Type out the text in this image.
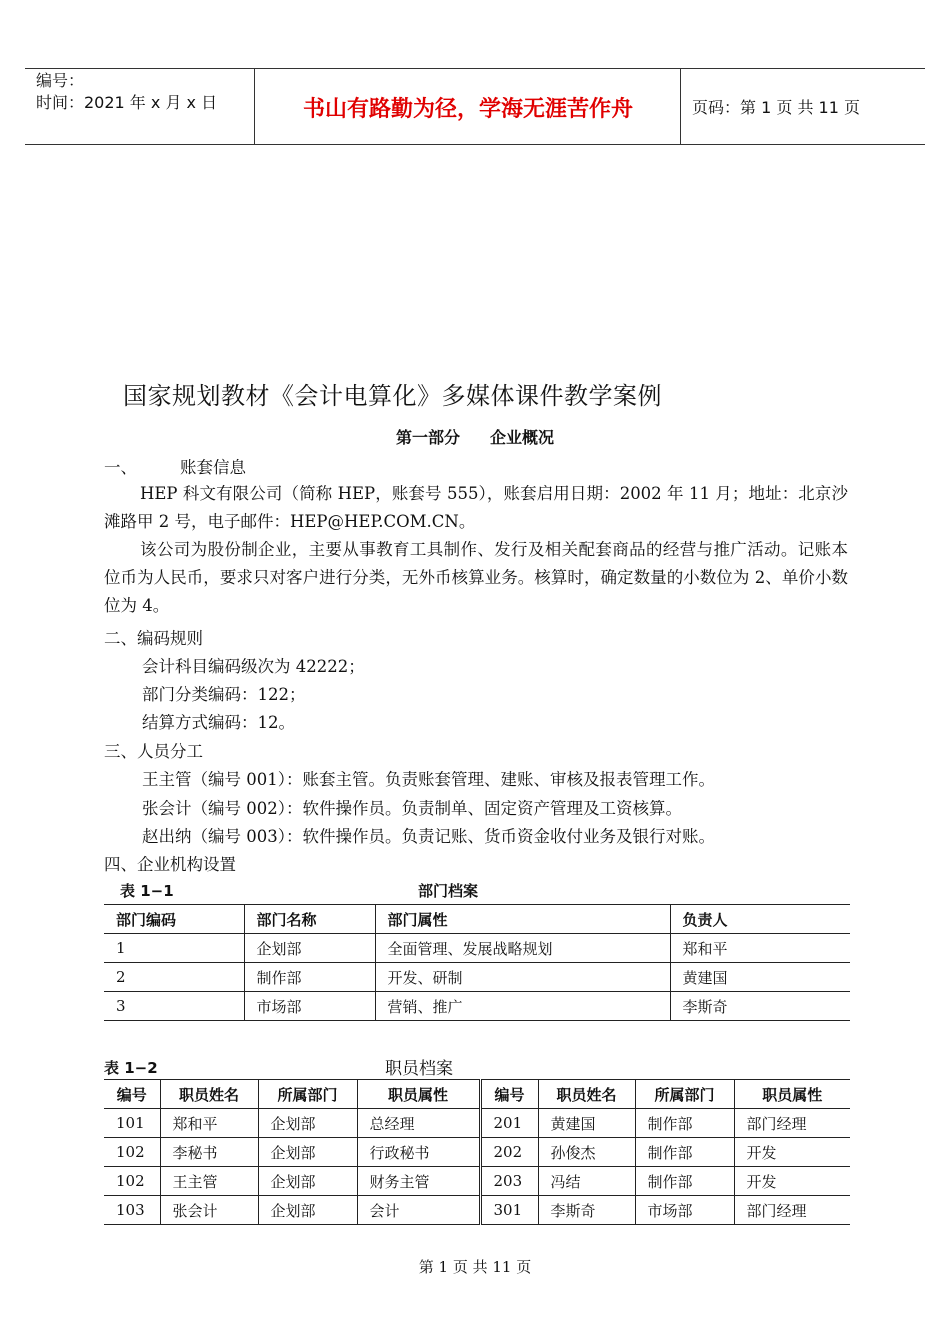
编号：
时间：2021 年 x 月 x 日	书山有路勤为径，学海无涯苦作舟	页码：第 1 页 共 11 页
国家规划教材《会计电算化》多媒体课件教学案例
第一部分 企业概况
一、	账套信息
HEP 科文有限公司（简称 HEP，账套号 555），账套启用日期：2002 年 11 月；地址：北京沙滩路甲 2 号，电子邮件：HEP@HEP.COM.CN。
该公司为股份制企业，主要从事教育工具制作、发行及相关配套商品的经营与推广活动。记账本位币为人民币，要求只对客户进行分类，无外币核算业务。核算时，确定数量的小数位为 2、单价小数位为 4。
二、编码规则
会计科目编码级次为 42222；
部门分类编码：122；
结算方式编码：12。
三、人员分工
王主管（编号 001）：账套主管。负责账套管理、建账、审核及报表管理工作。
张会计（编号 002）：软件操作员。负责制单、固定资产管理及工资核算。
赵出纳（编号 003）：软件操作员。负责记账、货币资金收付业务及银行对账。
四、企业机构设置
表 1−1	部门档案
部门编码	部门名称	部门属性	负责人
1	企划部	全面管理、发展战略规划	郑和平
2	制作部	开发、研制	黄建国
3	市场部	营销、推广	李斯奇
表 1−2	职员档案
编号	职员姓名	所属部门	职员属性	编号	职员姓名	所属部门	职员属性
101	郑和平	企划部	总经理	201	黄建国	制作部	部门经理
102	李秘书	企划部	行政秘书	202	孙俊杰	制作部	开发
102	王主管	企划部	财务主管	203	冯结	制作部	开发
103	张会计	企划部	会计	301	李斯奇	市场部	部门经理
第 1 页 共 11 页
